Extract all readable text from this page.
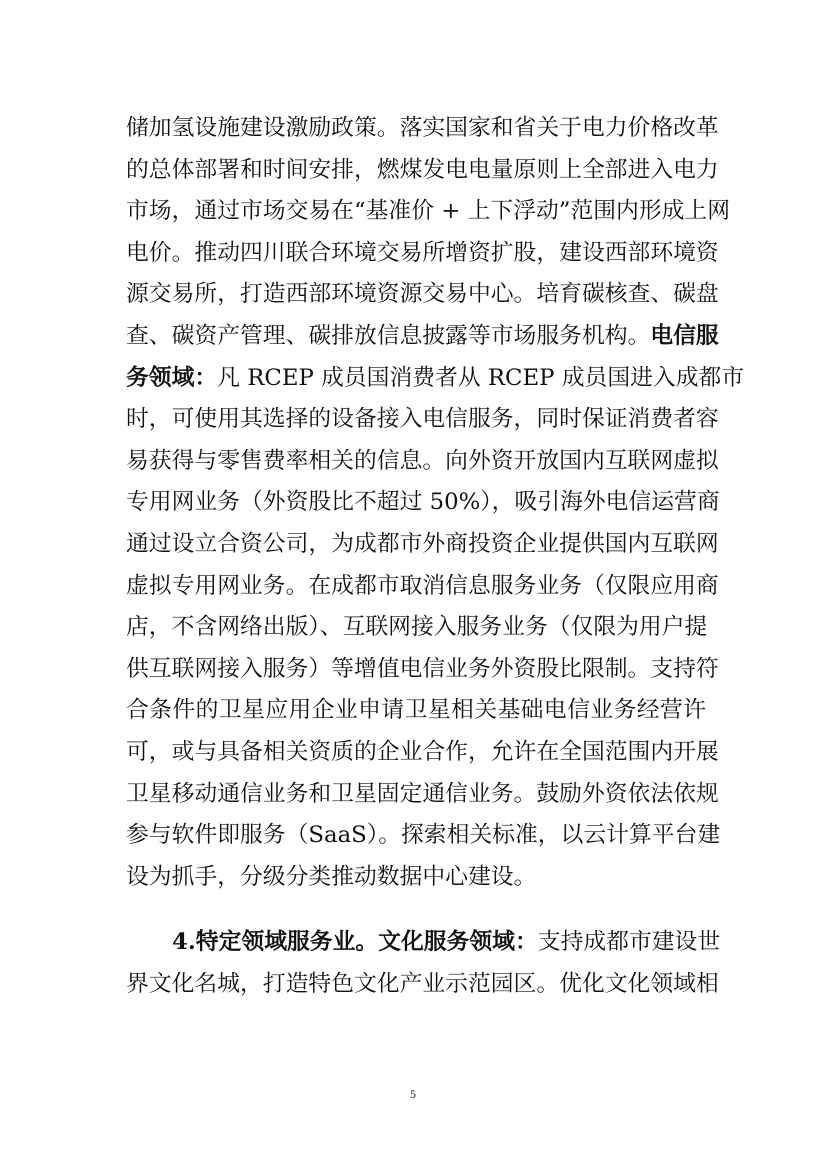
储加氢设施建设激励政策。落实国家和省关于电力价格改革
的总体部署和时间安排，燃煤发电电量原则上全部进入电力
市场，通过市场交易在“基准价 + 上下浮动”范围内形成上网
电价。推动四川联合环境交易所增资扩股，建设西部环境资
源交易所，打造西部环境资源交易中心。培育碳核查、碳盘
查、碳资产管理、碳排放信息披露等市场服务机构。电信服
务领域：凡 RCEP 成员国消费者从 RCEP 成员国进入成都市
时，可使用其选择的设备接入电信服务，同时保证消费者容
易获得与零售费率相关的信息。向外资开放国内互联网虚拟
专用网业务（外资股比不超过 50%），吸引海外电信运营商
通过设立合资公司，为成都市外商投资企业提供国内互联网
虚拟专用网业务。在成都市取消信息服务业务（仅限应用商
店，不含网络出版）、互联网接入服务业务（仅限为用户提
供互联网接入服务）等增值电信业务外资股比限制。支持符
合条件的卫星应用企业申请卫星相关基础电信业务经营许
可，或与具备相关资质的企业合作，允许在全国范围内开展
卫星移动通信业务和卫星固定通信业务。鼓励外资依法依规
参与软件即服务（SaaS）。探索相关标准，以云计算平台建
设为抓手，分级分类推动数据中心建设。
4.特定领域服务业。文化服务领域：支持成都市建设世
界文化名城，打造特色文化产业示范园区。优化文化领域相
5
